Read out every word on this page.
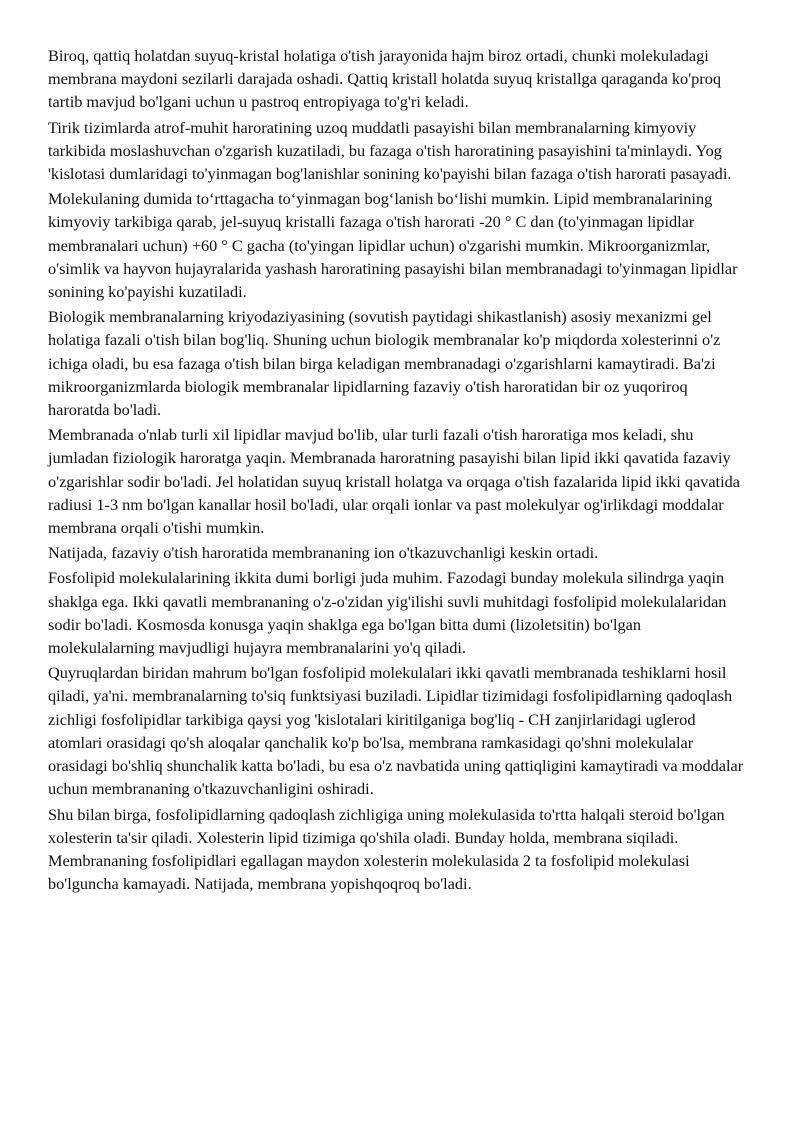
Biroq, qattiq holatdan suyuq-kristal holatiga o'tish jarayonida hajm biroz ortadi, chunki molekuladagi membrana maydoni sezilarli darajada oshadi. Qattiq kristall holatda suyuq kristallga qaraganda ko'proq tartib mavjud bo'lgani uchun u pastroq entropiyaga to'g'ri keladi.

Tirik tizimlarda atrof-muhit haroratining uzoq muddatli pasayishi bilan membranalarning kimyoviy tarkibida moslashuvchan o'zgarish kuzatiladi, bu fazaga o'tish haroratining pasayishini ta'minlaydi. Yog 'kislotasi dumlaridagi to'yinmagan bog'lanishlar sonining ko'payishi bilan fazaga o'tish harorati pasayadi.

Molekulaning dumida to‘rttagacha to‘yinmagan bog‘lanish bo‘lishi mumkin. Lipid membranalarining kimyoviy tarkibiga qarab, jel-suyuq kristalli fazaga o'tish harorati -20 ° C dan (to'yinmagan lipidlar membranalari uchun) +60 ° C gacha (to'yingan lipidlar uchun) o'zgarishi mumkin. Mikroorganizmlar, o'simlik va hayvon hujayralarida yashash haroratining pasayishi bilan membranadagi to'yinmagan lipidlar sonining ko'payishi kuzatiladi.

Biologik membranalarning kriyodaziyasining (sovutish paytidagi shikastlanish) asosiy mexanizmi gel holatiga fazali o'tish bilan bog'liq. Shuning uchun biologik membranalar ko'p miqdorda xolesterinni o'z ichiga oladi, bu esa fazaga o'tish bilan birga keladigan membranadagi o'zgarishlarni kamaytiradi. Ba'zi mikroorganizmlarda biologik membranalar lipidlarning fazaviy o'tish haroratidan bir oz yuqoriroq haroratda bo'ladi.

Membranada o'nlab turli xil lipidlar mavjud bo'lib, ular turli fazali o'tish haroratiga mos keladi, shu jumladan fiziologik haroratga yaqin. Membranada haroratning pasayishi bilan lipid ikki qavatida fazaviy o'zgarishlar sodir bo'ladi. Jel holatidan suyuq kristall holatga va orqaga o'tish fazalarida lipid ikki qavatida radiusi 1-3 nm bo'lgan kanallar hosil bo'ladi, ular orqali ionlar va past molekulyar og'irlikdagi moddalar membrana orqali o'tishi mumkin.

Natijada, fazaviy o'tish haroratida membrananing ion o'tkazuvchanligi keskin ortadi.

Fosfolipid molekulalarining ikkita dumi borligi juda muhim. Fazodagi bunday molekula silindrga yaqin shaklga ega. Ikki qavatli membrananing o'z-o'zidan yig'ilishi suvli muhitdagi fosfolipid molekulalaridan sodir bo'ladi. Kosmosda konusga yaqin shaklga ega bo'lgan bitta dumi (lizoletsitin) bo'lgan molekulalarning mavjudligi hujayra membranalarini yo'q qiladi.

Quyruqlardan biridan mahrum bo'lgan fosfolipid molekulalari ikki qavatli membranada teshiklarni hosil qiladi, ya'ni. membranalarning to'siq funktsiyasi buziladi. Lipidlar tizimidagi fosfolipidlarning qadoqlash zichligi fosfolipidlar tarkibiga qaysi yog 'kislotalari kiritilganiga bog'liq - CH zanjirlaridagi uglerod atomlari orasidagi qo'sh aloqalar qanchalik ko'p bo'lsa, membrana ramkasidagi qo'shni molekulalar orasidagi bo'shliq shunchalik katta bo'ladi, bu esa o'z navbatida uning qattiqligini kamaytiradi va moddalar uchun membrananing o'tkazuvchanligini oshiradi.

Shu bilan birga, fosfolipidlarning qadoqlash zichligiga uning molekulasida to'rtta halqali steroid bo'lgan xolesterin ta'sir qiladi. Xolesterin lipid tizimiga qo'shila oladi. Bunday holda, membrana siqiladi. Membrananing fosfolipidlari egallagan maydon xolesterin molekulasida 2 ta fosfolipid molekulasi bo'lguncha kamayadi. Natijada, membrana yopishqoqroq bo'ladi.
